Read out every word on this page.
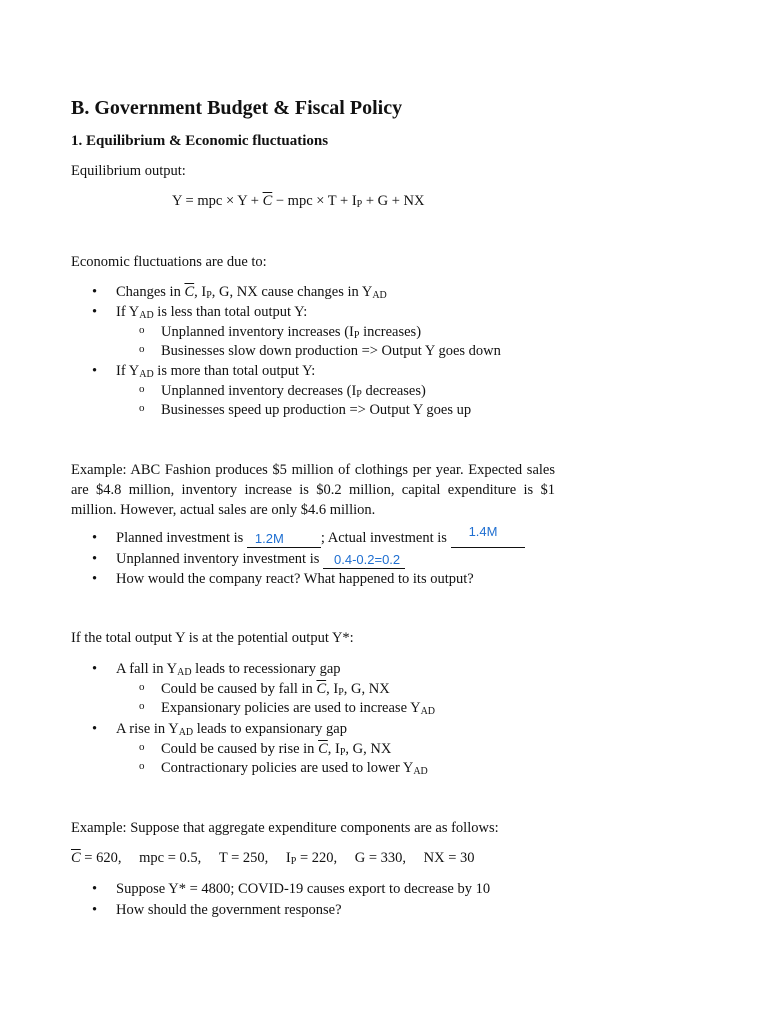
B. Government Budget & Fiscal Policy
1. Equilibrium & Economic fluctuations
Equilibrium output:
Y = mpc × $Y + \overline{C}$ − mpc × $T + I_P + G$ + NX
Economic fluctuations are due to:
• Changes in $\overline{C}$, $I_P$, G, NX cause changes in $Y_{AD}$
• If $Y_{AD}$ is less than total output Y:
o Unplanned inventory increases ($I_P$ increases)
o Businesses slow down production => Output Y goes down
• If $Y_{AD}$ is more than total output Y:
o Unplanned inventory decreases ($I_P$ decreases)
o Businesses speed up production => Output Y goes up
Example: ABC Fashion produces $5 million of clothings per year. Expected sales are $4.8 million, inventory increase is $0.2 million, capital expenditure is $1 million. However, actual sales are only $4.6 million.
• Planned investment is 1.2M	; Actual investment is 1.4M

• Unplanned inventory investment is 0.4-0.2=0.2

• How would the company react? What happened to its output?
If the total output Y is at the potential output Y*:
• A fall in $Y_{AD}$ leads to recessionary gap
o Could be caused by fall in $\overline{C}$, $I_P$, G, NX
o Expansionary policies are used to increase $Y_{AD}$
• A rise in $Y_{AD}$ leads to expansionary gap
o Could be caused by rise in $\overline{C}$, $I_P$, G, NX
o Contractionary policies are used to lower $Y_{AD}$
Example: Suppose that aggregate expenditure components are as follows:
$\overline{C} = 620$, mpc = 0.5, T = 250, $I_P = 220$, G = 330, NX = 30
• Suppose Y* = 4800; COVID-19 causes export to decrease by 10
• How should the government response?
